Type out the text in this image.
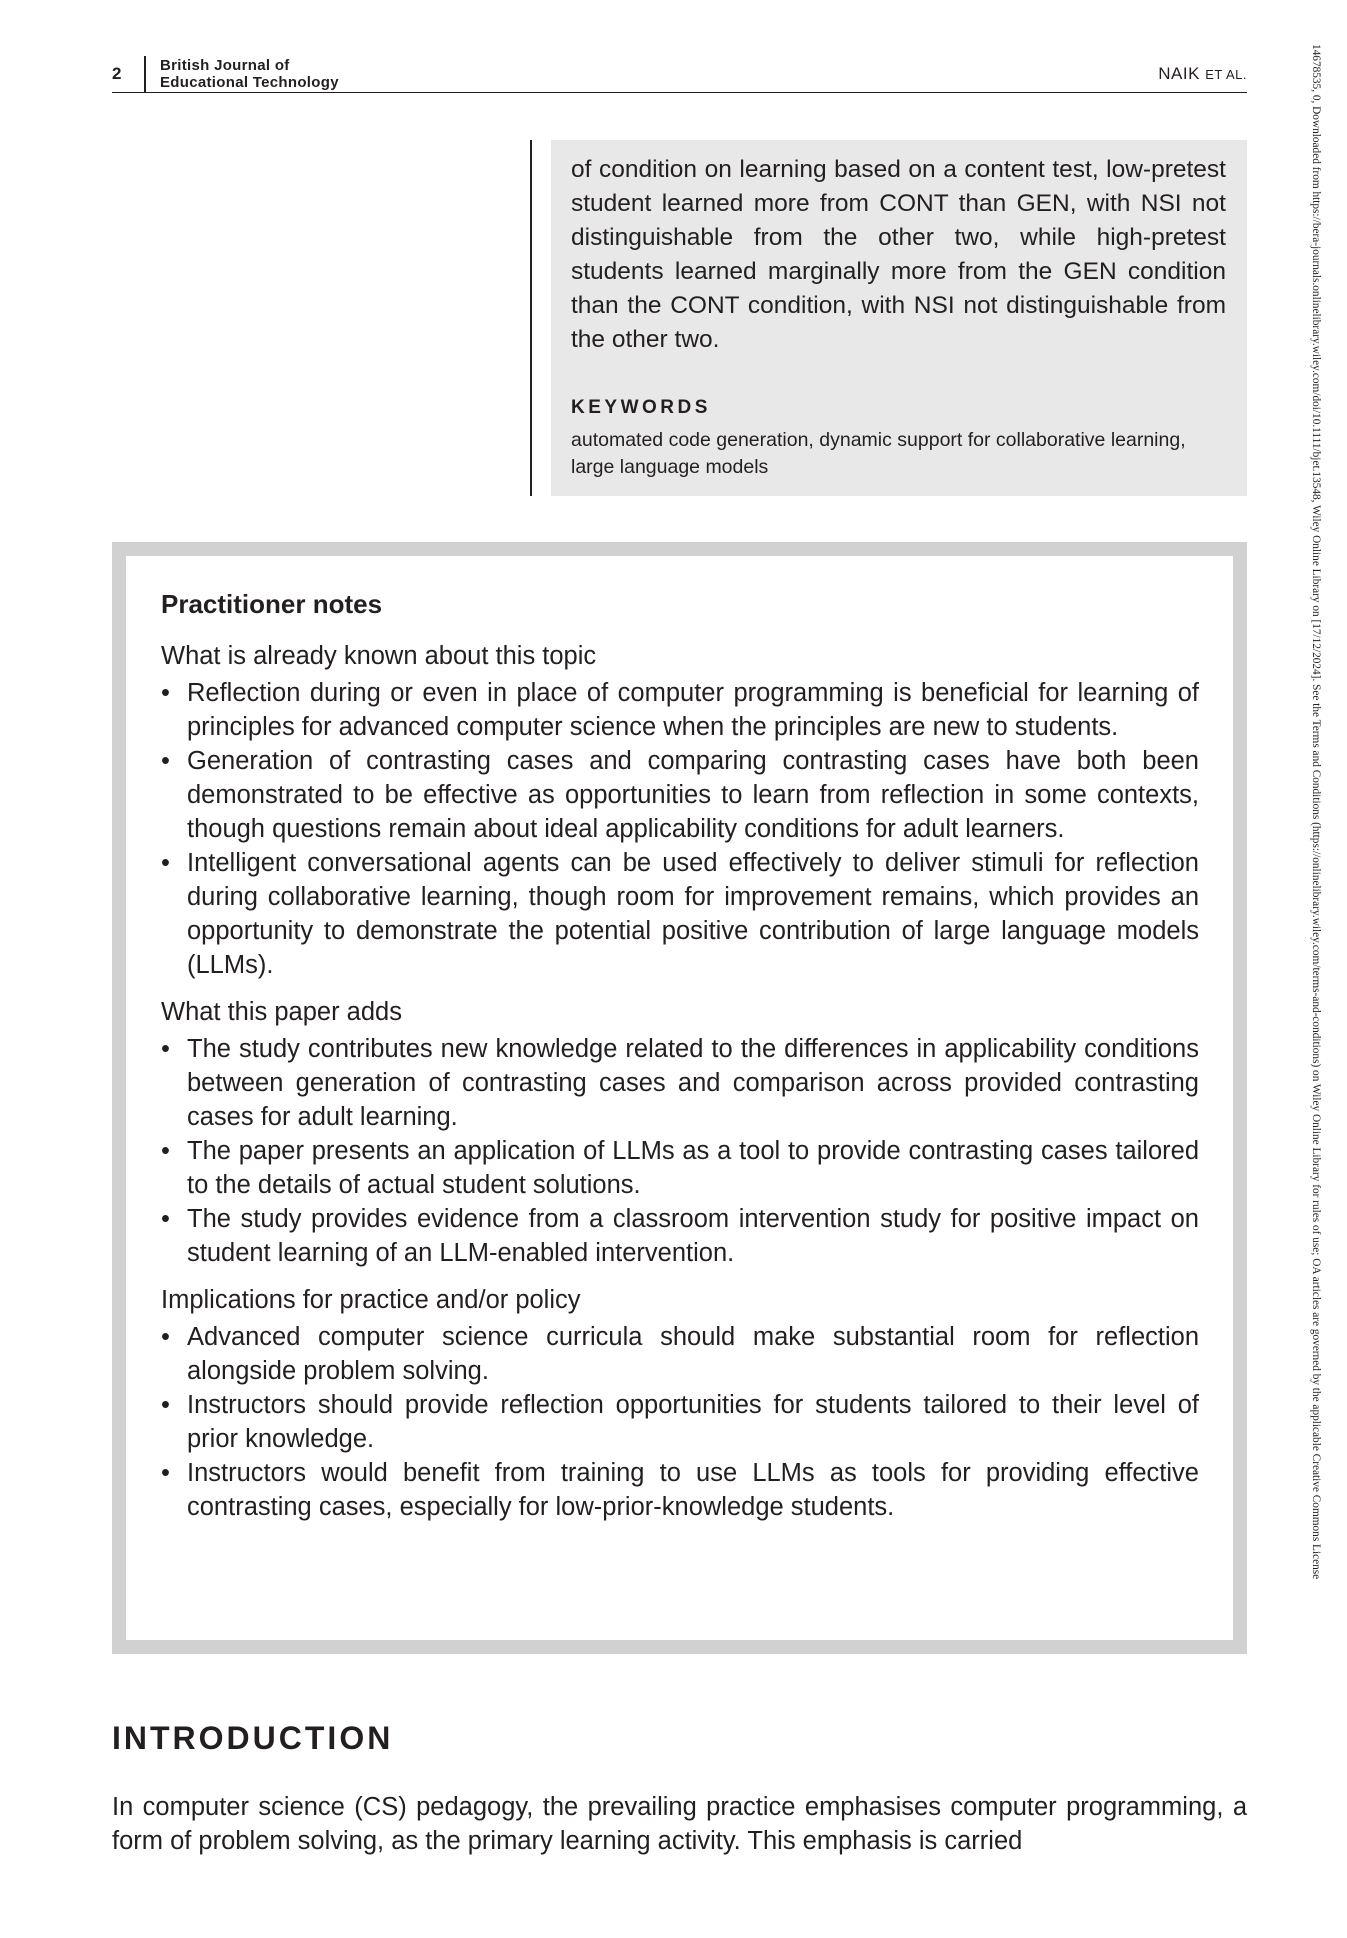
2	British Journal of
Educational Technology	NAIK ET AL.	14678535, 0, Downloaded from https://bera-journals.onlinelibrary.wiley.com/doi/10.1111/bjet.13548, Wiley Online Library on [17/12/2024]. See the Terms and Conditions (https://onlinelibrary.wiley.com/terms-and-conditions) on Wiley Online Library for rules of use; OA articles are governed by the applicable Creative Commons License

of condition on learning based on a content test, low-pretest student learned more from CONT than GEN, with NSI not distinguishable from the other two, while high-pretest students learned marginally more from the GEN condition than the CONT condition, with NSI not distinguishable from the other two.

KEYWORDS

automated code generation, dynamic support for collaborative learning, large language models

Practitioner notes
What is already known about this topic
• Reflection during or even in place of computer programming is beneficial for learning of principles for advanced computer science when the principles are new to students.
• Generation of contrasting cases and comparing contrasting cases have both been demonstrated to be effective as opportunities to learn from reflection in some contexts, though questions remain about ideal applicability conditions for adult learners.
• Intelligent conversational agents can be used effectively to deliver stimuli for reflection during collaborative learning, though room for improvement remains, which provides an opportunity to demonstrate the potential positive contribution of large language models (LLMs).
What this paper adds
• The study contributes new knowledge related to the differences in applicability conditions between generation of contrasting cases and comparison across provided contrasting cases for adult learning.
• The paper presents an application of LLMs as a tool to provide contrasting cases tailored to the details of actual student solutions.
• The study provides evidence from a classroom intervention study for positive impact on student learning of an LLM-enabled intervention.
Implications for practice and/or policy
• Advanced computer science curricula should make substantial room for reflection alongside problem solving.
• Instructors should provide reflection opportunities for students tailored to their level of prior knowledge.
• Instructors would benefit from training to use LLMs as tools for providing effective contrasting cases, especially for low-prior-knowledge students.
INTRODUCTION

In computer science (CS) pedagogy, the prevailing practice emphasises computer programming, a form of problem solving, as the primary learning activity. This emphasis is carried
